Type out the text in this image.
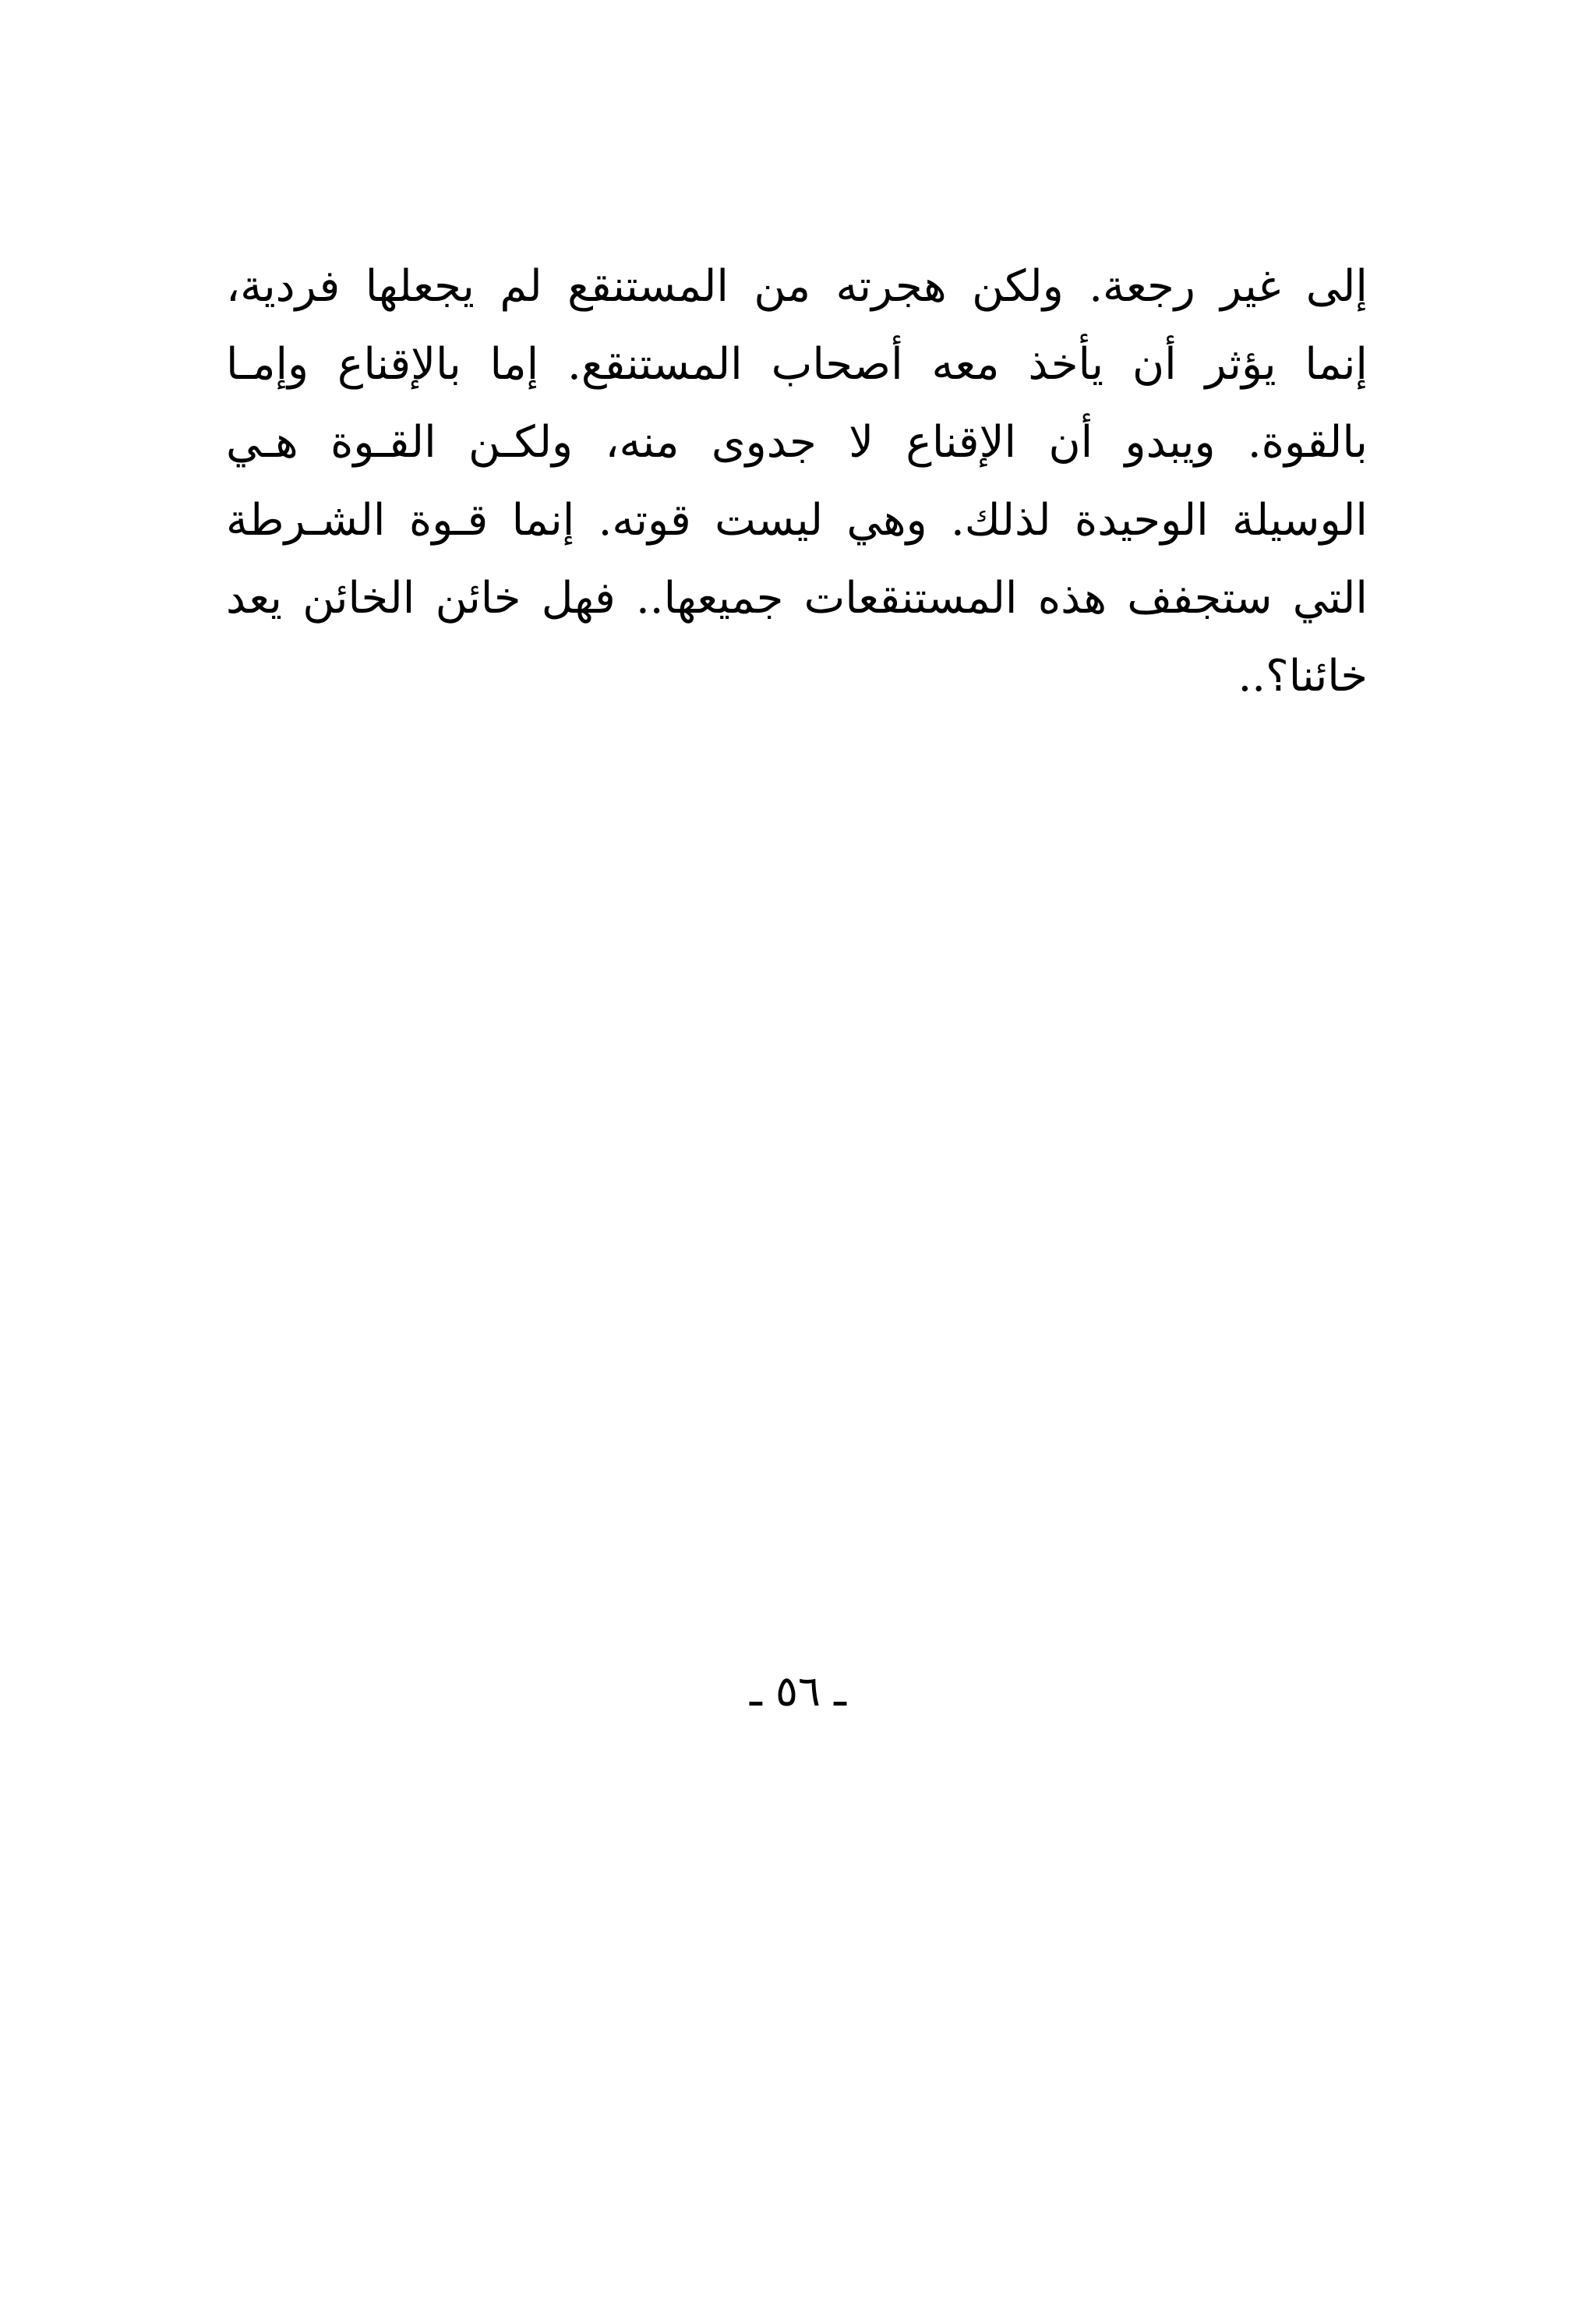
إلى غير رجعة. ولكن هجرته من المستنقع لم يجعلها فردية،
إنما يؤثر أن يأخذ معه أصحاب المستنقع. إما بالإقناع وإمـا
بالقوة. ويبدو أن الإقناع لا جدوى منه، ولكـن القـوة هـي
الوسيلة الوحيدة لذلك. وهي ليست قوته. إنما قـوة الشـرطة
التي ستجفف هذه المستنقعات جميعها.. فهل خائن الخائن يعد
خائنا؟..
ـ ٥٦ ـ
